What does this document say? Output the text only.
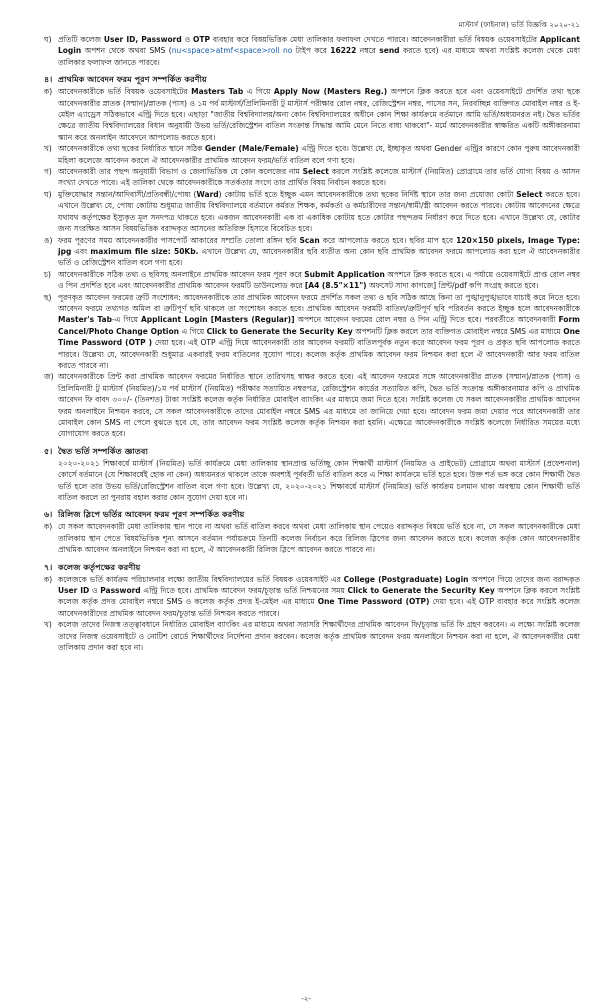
মাস্টার্স (ফাইনাল) ভর্তি বিজ্ঞপ্তি ২০২০-২১
ঘ) প্রতিটি কলেজ User ID, Password ও OTP ব্যবহার করে বিষয়ভিত্তিক মেধা তালিকার ফলাফল দেখতে পারবে। আবেদনকারীরা ভর্তি বিষয়ক ওয়েবসাইটের Applicant Login অপশন থেকে অথবা SMS (nu<space>atmf<space>roll no টাইপ করে 16222 নম্বরে send করতে হবে) এর মাধ্যমে অথবা সংশ্লিষ্ট কলেজ থেকে মেধা তালিকার ফলাফল জানতে পারবে।
৪। প্রাথমিক আবেদন ফরম পূরণ সম্পর্কিত করণীয়
ক) আবেদনকারীকে ভর্তি বিষয়ক ওয়েবসাইটের Masters Tab এ গিয়ে Apply Now (Masters Reg.) অপশনে ক্লিক করতে হবে এবং ওয়েবসাইটে প্রদর্শিত তথ্য ছকে আবেদনকারীর স্নাতক (সম্মান)/স্নাতক (পাস) ও ১ম পর্ব মাস্টার্স/প্রিলিমিনারী টু মাস্টার্স পরীক্ষার রোল নম্বর, রেজিস্ট্রেশন নম্বর, পাসের সন, নিরবচ্ছিন্ন ব্যক্তিগত মোবাইল নম্বর ও ই-মেইল এ্যাড্রেস সঠিকভাবে এন্ট্রি দিতে হবে। এছাড়া "জাতীয় বিশ্ববিদ্যালয়/অন্য কোন বিশ্ববিদ্যালয়ের অধীনে কোন শিক্ষা কার্যক্রমে বর্তমানে আমি ভর্তি/অধ্যয়নরত নই। দ্বৈত ভর্তির ক্ষেত্রে জাতীয় বিশ্ববিদ্যালয়ের বিধান অনুযায়ী উভয় ভর্তি/রেজিস্ট্রেশন বাতিল সংক্রান্ত সিদ্ধান্ত আমি মেনে নিতে বাধ্য থাকবো"- মর্মে আবেদনকারীর স্বাক্ষরিত একটি অঙ্গীকারনামা স্ক্যান করে অনলাইন আবেদনে আপলোড করতে হবে।
খ) আবেদনকারীকে তথ্য ছকের নির্ধারিত স্থানে সঠিক Gender (Male/Female) এন্ট্রি দিতে হবে। উল্লেখ্য যে, ইচ্ছাকৃত অথবা Gender এন্ট্রির কারণে কোন পুরুষ আবেদনকারী মহিলা কলেজে আবেদন করলে ঐ আবেদনকারীর প্রাথমিক আবেদন ফরম/ভর্তি বাতিল বলে গণ্য হবে।
গ) আবেদনকারী তার পছন্দ অনুযায়ী বিভাগ ও জেলাভিত্তিক যে কোন কলেজের নাম Select করলে সংশ্লিষ্ট কলেজে মাস্টার্স (নিয়মিত) প্রোগ্রামে তার ভর্তি যোগ্য বিষয় ও আসন সংখ্যা দেখতে পাবে। এই তালিকা থেকে আবেদনকারীকে সতর্কতার সংগে তার প্রার্থিত বিষয় নির্বাচন করতে হবে।
ঘ) মুক্তিযোদ্ধার সন্তান/আদিবাসী/প্রতিবন্ধী/পোষ্য (Ward) কোটায় ভর্তি হতে ইচ্ছুক এমন আবেদনকারীকে তথ্য ছকের নির্দিষ্ট স্থানে তার জন্য প্রযোজ্য কোটা Select করতে হবে। এখানে উল্লেখ্য যে, পোষ্য কোটায় শুধুমাত্র জাতীয় বিশ্ববিদ্যালয়ে বর্তমানে কর্মরত শিক্ষক, কর্মকর্তা ও কর্মচারীদের সন্তান/স্বামী/স্ত্রী আবেদন করতে পারবে। কোটায় আবেদনের ক্ষেত্রে যথাযথ কর্তৃপক্ষের ইস্যুকৃত মূল সনদপত্র থাকতে হবে। একজন আবেদনকারী এক বা একাধিক কোটায় হতে কোটার পছন্দক্রম নির্ধারণ করে দিতে হবে। এখানে উল্লেখ্য যে, কোটার জন্য সংরক্ষিত আসন বিষয়ভিত্তিক বরাদ্দকৃত আসনের অতিরিক্ত হিসাবে বিবেচিত হবে।
ঙ) ফরম পূরণের সময় আবেদনকারীর পাসপোর্ট আকারের সম্প্রতি তোলা রঙ্গিন ছবি Scan করে আপলোড করতে হবে। ছবির মাপ হবে 120×150 pixels, Image Type: jpg এবং maximum file size: 50Kb. এখানে উল্লেখ্য যে, আবেদনকারীর ছবি ব্যতীত অন্য কোন ছবি প্রাথমিক আবেদন ফরমে আপলোড করা হলে ঐ আবেদনকারীর ভর্তি ও রেজিস্ট্রেশন বাতিল বলে গণ্য হবে।
চ) আবেদনকারীকে সঠিক তথ্য ও ছবিসহ অনলাইনে প্রাথমিক আবেদন ফরম পূরণ করে Submit Application অপশনে ক্লিক করতে হবে। এ পর্যায়ে ওয়েবসাইটে প্রাপ্ত রোল নম্বর ও পিন প্রদর্শিত হবে এবং আবেদনকারীর প্রাথমিক আবেদন ফরমটি ডাউনলোড করে [A4 (8.5"×11") অফসেট সাদা কাগজে] প্রিন্ট/pdf কপি সংগ্রহ করতে হবে।
ছ) পূরণকৃত আবেদন ফরমের ত্রুটি সংশোধন: আবেদনকারীকে তার প্রাথমিক আবেদন ফরমে প্রদর্শিত সকল তথ্য ও ছবি সঠিক আছে কিনা তা পুঙ্খানুপুঙ্খভাবে যাচাই করে নিতে হবে। আবেদন ফরমে তথ্যগত অমিল বা ত্রুটিপূর্ণ ছবি থাকলে তা সংশোধন করতে হবে। প্রাথমিক আবেদন ফরমটি বাতিল/ত্রুটিপূর্ণ ছবি পরিবর্তন করতে ইচ্ছুক হলে আবেদনকারীকে Master's Tab-এ গিয়ে Applicant Login [Masters (Regular)] অপশনে আবেদন ফরমের রোল নম্বর ও পিন এন্ট্রি দিতে হবে। পরবর্তীতে আবেদনকারী Form Cancel/Photo Change Option এ গিয়ে Click to Generate the Security Key অপশনটি ক্লিক করলে তার ব্যক্তিগত মোবাইল নম্বরে SMS এর মাধ্যমে One Time Password (OTP ) দেয়া হবে। এই OTP এন্ট্রি দিয়ে আবেদনকারী তার আবেদন ফরমটি বাতিলপূর্বক নতুন করে আবেদন ফরম পূরণ ও প্রকৃত ছবি আপলোড করতে পারবে। উল্লেখ্য যে, আবেদনকারী শুধুমাত্র একবারই ফরম বাতিলের সুযোগ পাবে। কলেজ কর্তৃক প্রাথমিক আবেদন ফরম নিশ্চয়ন করা হলে ঐ আবেদনকারী আর ফরম বাতিল করতে পারবে না।
জ) আবেদনকারীকে প্রিন্ট করা প্রাথমিক আবেদন ফরমের নির্ধারিত স্থানে তারিখসহ স্বাক্ষর করতে হবে। এই আবেদন ফরমের সঙ্গে আবেদনকারীর স্নাতক (সম্মান)/স্নাতক (পাস) ও প্রিলিমিনারী টু মাস্টার্স (নিয়মিত)/১ম পর্ব মাস্টার্স (নিয়মিত) পরীক্ষার সত্যায়িত নম্বরপত্র, রেজিস্ট্রেশন কার্ডের সত্যায়িত কপি, দ্বৈত ভর্তি সংক্রান্ত অঙ্গীকারনামার কপি ও প্রাথমিক আবেদন ফি বাবদ ৩০০/- (তিনশত) টাকা সংশ্লিষ্ট কলেজ কর্তৃক নির্ধারিত মোবাইল ব্যাংকিং এর মাধ্যমে জমা দিতে হবে। সংশ্লিষ্ট কলেজ যে সকল আবেদনকারীর প্রাথমিক আবেদন ফরম অনলাইনে নিশ্চয়ন করবে, সে সকল আবেদনকারীকে তাদের মোবাইল নম্বরে SMS এর মাধ্যমে তা জানিয়ে দেয়া হবে। আবেদন ফরম জমা দেয়ার পরে আবেদনকারী তার মোবাইল কোন SMS না পেলে বুঝতে হবে যে, তার আবেদন ফরম সংশ্লিষ্ট কলেজ কর্তৃক নিশ্চয়ন করা হয়নি। এক্ষেত্রে আবেদনকারীকে সংশ্লিষ্ট কলেজে নির্ধারিত সময়ের মধ্যে যোগাযোগ করতে হবে।
৫। দ্বৈত ভর্তি সম্পর্কিত জ্ঞাতব্য
২০২০-২০২১ শিক্ষাবর্ষে মাস্টার্স (নিয়মিত) ভর্তি কার্যক্রমে মেধা তালিকায় স্থানপ্রাপ্ত ভর্তিচ্ছু কোন শিক্ষার্থী মাস্টার্স (নিয়মিত ও প্রাইভেট) প্রোগ্রামে অথবা মাস্টার্স (প্রফেশনাল) কোর্সে বর্তমানে (যে শিক্ষাবর্ষেই হোক না কেন) অধ্যয়নরত থাকলে তাকে অবশ্যই পূর্ববর্তী ভর্তি বাতিল করে এ শিক্ষা কার্যক্রমে ভর্তি হতে হবে। উক্ত শর্ত ভঙ্গ করে কোন শিক্ষার্থী দ্বৈত ভর্তি হলে তার উভয় ভর্তি/রেজিস্ট্রেশন বাতিল বলে গণ্য হবে। উল্লেখ্য যে, ২০২০-২০২১ শিক্ষাবর্ষে মাস্টার্স (নিয়মিত) ভর্তি কার্যক্রম চলমান থাকা অবস্থায় কোন শিক্ষার্থী ভর্তি বাতিল করলে তা পুনরায় বহাল করার কোন সুযোগ দেয়া হবে না।
৬। রিলিজ স্লিপে ভর্তির আবেদন ফরম পূরণ সম্পর্কিত করণীয়
ক) যে সকল আবেদনকারী মেধা তালিকায় স্থান পাবে না অথবা ভর্তি বাতিল করবে অথবা মেধা তালিকায় স্থান পেয়েও বরাদ্দকৃত বিষয়ে ভর্তি হবে না, সে সকল আবেদনকারীকে মেধা তালিকায় স্থান পেতে বিষয়ভিত্তিক শূন্য আসনে বর্তমান পর্যায়ক্রমে তিনটি কলেজ নির্বাচন করে রিলিজ স্লিপের জন্য আবেদন করতে হবে। কলেজ কর্তৃক কোন আবেদনকারীর প্রাথমিক আবেদন অনলাইনে নিশ্চয়ন করা না হলে, ঐ আবেদনকারী রিলিজ স্লিপে আবেদন করতে পারবে না।
৭। কলেজ কর্তৃপক্ষের করণীয়
ক) কলেজকে ভর্তি কার্যক্রম পরিচালনার লক্ষ্যে জাতীয় বিশ্ববিদ্যালয়ের ভর্তি বিষয়ক ওয়েবসাইট এর College (Postgraduate) Login অপশনে গিয়ে তাদের জন্য বরাদ্দকৃত User ID ও Password এন্ট্রি দিতে হবে। প্রাথমিক আবেদন ফরম/চূড়ান্ত ভর্তি নিশ্চয়নের সময় Click to Generate the Security Key অপশনে ক্লিক করলে সংশ্লিষ্ট কলেজ কর্তৃক প্রদত্ত মোবাইল নম্বরে SMS ও কলেজ কর্তৃক প্রদত্ত ই-মেইল এর মাধ্যমে One Time Password (OTP) দেয়া হবে। এই OTP ব্যবহার করে সংশ্লিষ্ট কলেজ আবেদনকারীদের প্রাথমিক আবেদন ফরম/চূড়ান্ত ভর্তি নিশ্চয়ন করতে পারবে।
খ) কলেজ তাদের নিজস্ব তত্ত্বাবধানে নির্ধারিত মোবাইল ব্যাংকিং এর মাধ্যমে অথবা সরাসরি শিক্ষার্থীদের প্রাথমিক আবেদন ফি/চূড়ান্ত ভর্তি ফি গ্রহণ করবেন। এ লক্ষ্যে সংশ্লিষ্ট কলেজ তাদের নিজস্ব ওয়েবসাইটে ও নোটিশ বোর্ডে শিক্ষার্থীদের নির্দেশনা প্রদান করবেন। কলেজ কর্তৃক প্রাথমিক আবেদন ফরম অনলাইনে নিশ্চয়ন করা না হলে, ঐ আবেদনকারীর মেধা তালিকায় প্রদান করা হবে না।
-২-
